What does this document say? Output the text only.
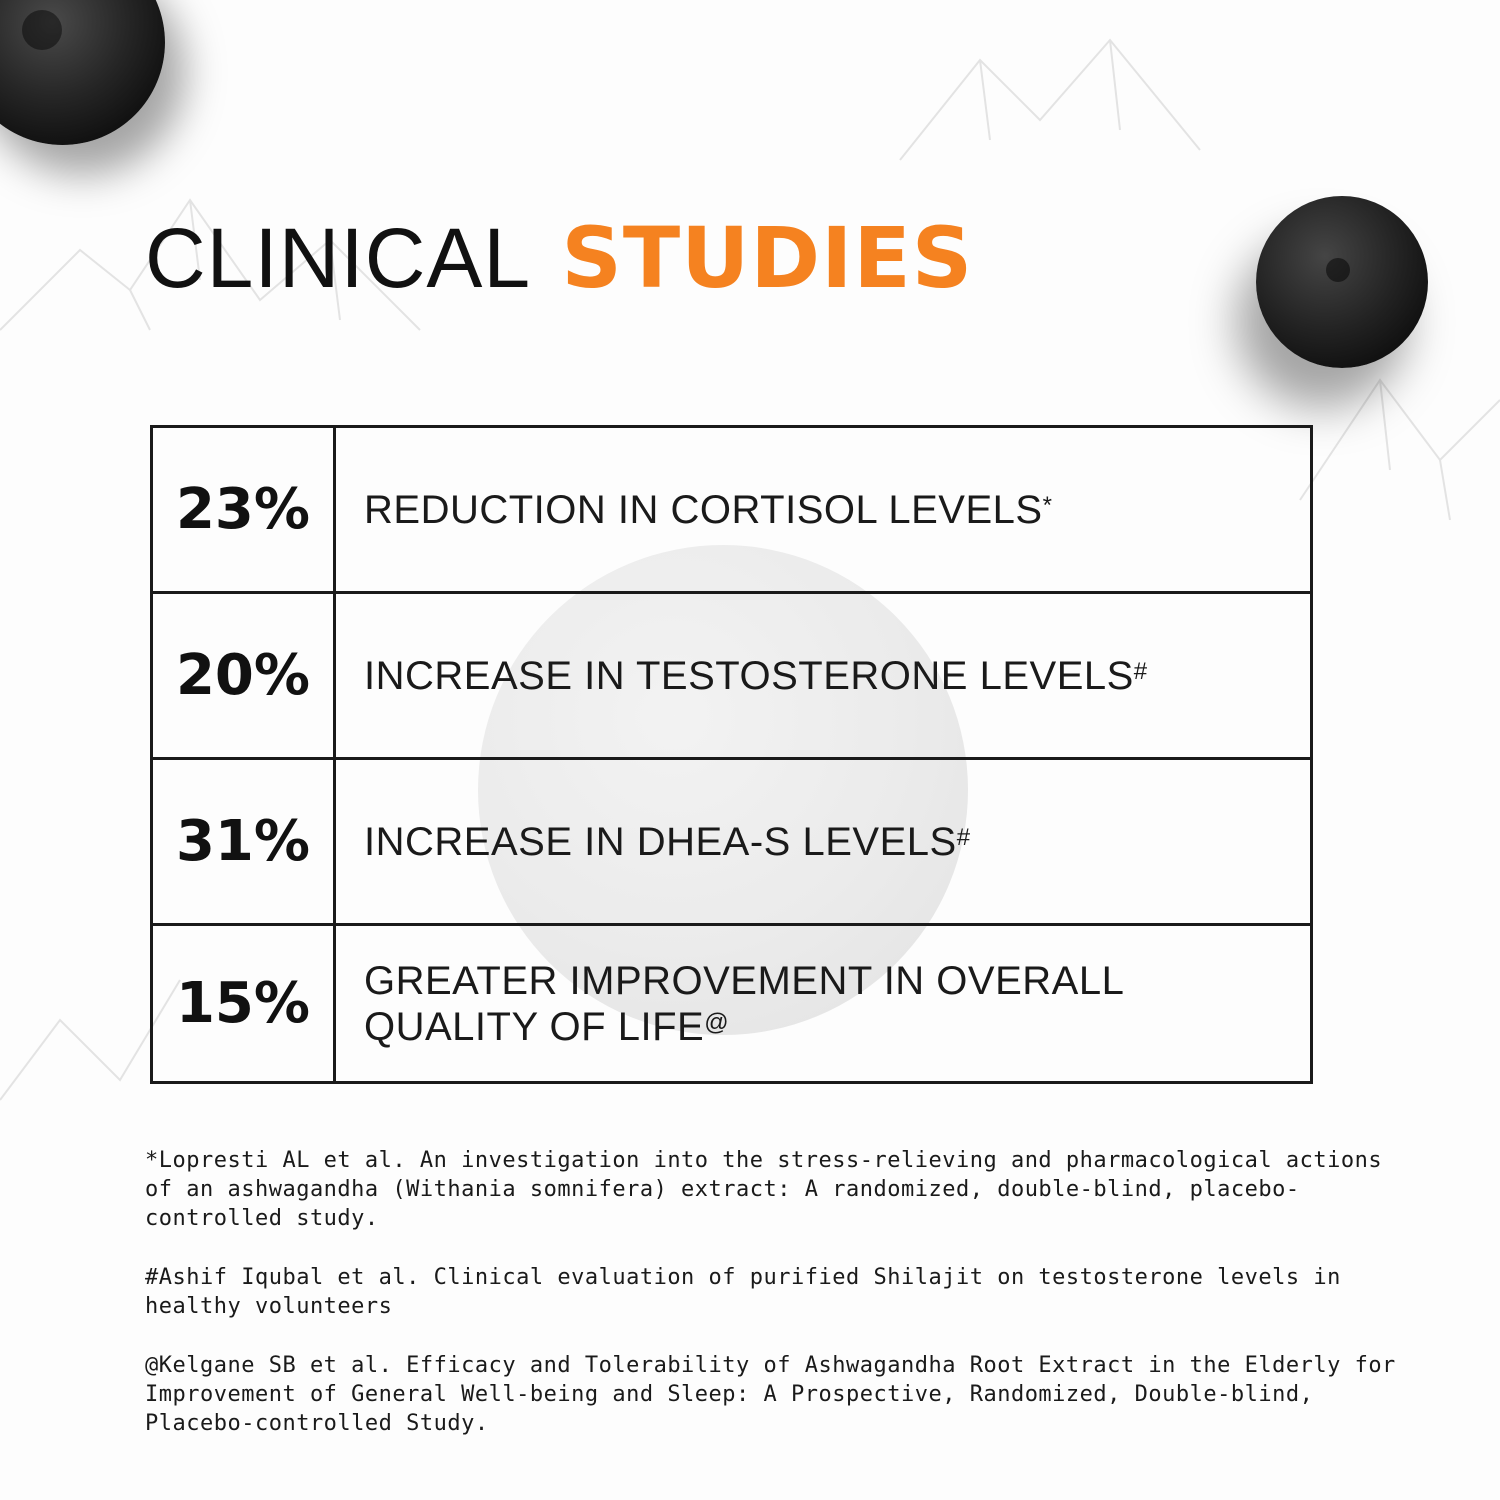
CLINICAL STUDIES
23%	REDUCTION IN CORTISOL LEVELS*
20%	INCREASE IN TESTOSTERONE LEVELS#
31%	INCREASE IN DHEA-S LEVELS#
15%	GREATER IMPROVEMENT IN OVERALL QUALITY OF LIFE@

*Lopresti AL et al. An investigation into the stress-relieving and pharmacological actions of an ashwagandha (Withania somnifera) extract: A randomized, double-blind, placebo-controlled study.

#Ashif Iqubal et al. Clinical evaluation of purified Shilajit on testosterone levels in healthy volunteers

@Kelgane SB et al. Efficacy and Tolerability of Ashwagandha Root Extract in the Elderly for Improvement of General Well-being and Sleep: A Prospective, Randomized, Double-blind, Placebo-controlled Study.
